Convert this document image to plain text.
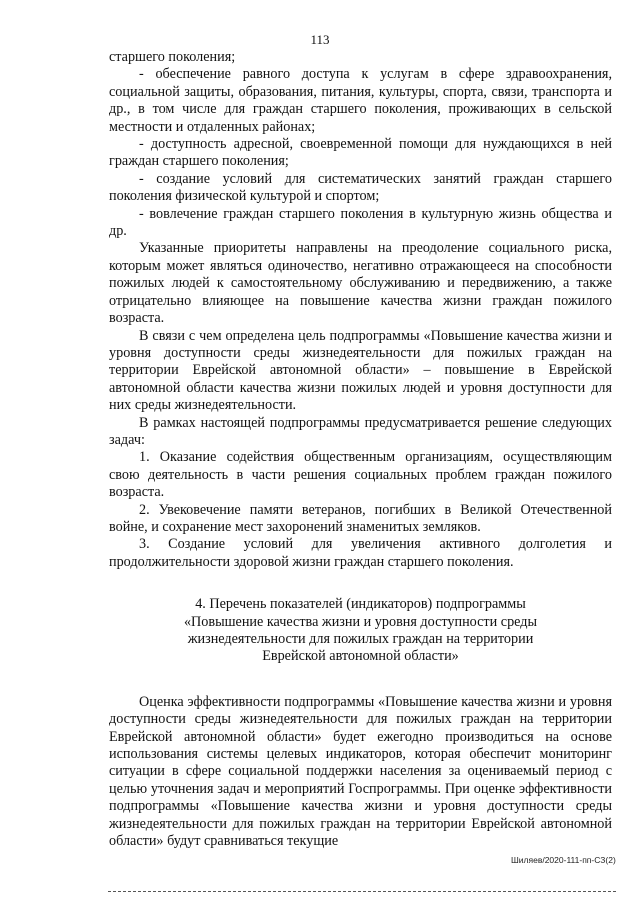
113

старшего поколения;

- обеспечение равного доступа к услугам в сфере здравоохранения, социальной защиты, образования, питания, культуры, спорта, связи, транспорта и др., в том числе для граждан старшего поколения, проживающих в сельской местности и отдаленных районах;

- доступность адресной, своевременной помощи для нуждающихся в ней граждан старшего поколения;

- создание условий для систематических занятий граждан старшего поколения физической культурой и спортом;

- вовлечение граждан старшего поколения в культурную жизнь общества и др.

Указанные приоритеты направлены на преодоление социального риска, которым может являться одиночество, негативно отражающееся на способности пожилых людей к самостоятельному обслуживанию и передвижению, а также отрицательно влияющее на повышение качества жизни граждан пожилого возраста.

В связи с чем определена цель подпрограммы «Повышение качества жизни и уровня доступности среды жизнедеятельности для пожилых граждан на территории Еврейской автономной области» – повышение в Еврейской автономной области качества жизни пожилых людей и уровня доступности для них среды жизнедеятельности.

В рамках настоящей подпрограммы предусматривается решение следующих задач:

1. Оказание содействия общественным организациям, осуществляющим свою деятельность в части решения социальных проблем граждан пожилого возраста.

2. Увековечение памяти ветеранов, погибших в Великой Отечественной войне, и сохранение мест захоронений знаменитых земляков.

3. Создание условий для увеличения активного долголетия и продолжительности здоровой жизни граждан старшего поколения.

4. Перечень показателей (индикаторов) подпрограммы
«Повышение качества жизни и уровня доступности среды
жизнедеятельности для пожилых граждан на территории
Еврейской автономной области»

Оценка эффективности подпрограммы «Повышение качества жизни и уровня доступности среды жизнедеятельности для пожилых граждан на территории Еврейской автономной области» будет ежегодно производиться на основе использования системы целевых индикаторов, которая обеспечит мониторинг ситуации в сфере социальной поддержки населения за оцениваемый период с целью уточнения задач и мероприятий Госпрограммы. При оценке эффективности подпрограммы «Повышение качества жизни и уровня доступности среды жизнедеятельности для пожилых граждан на территории Еврейской автономной области» будут сравниваться текущие

Шиляев/2020-111-пп-СЗ(2)
